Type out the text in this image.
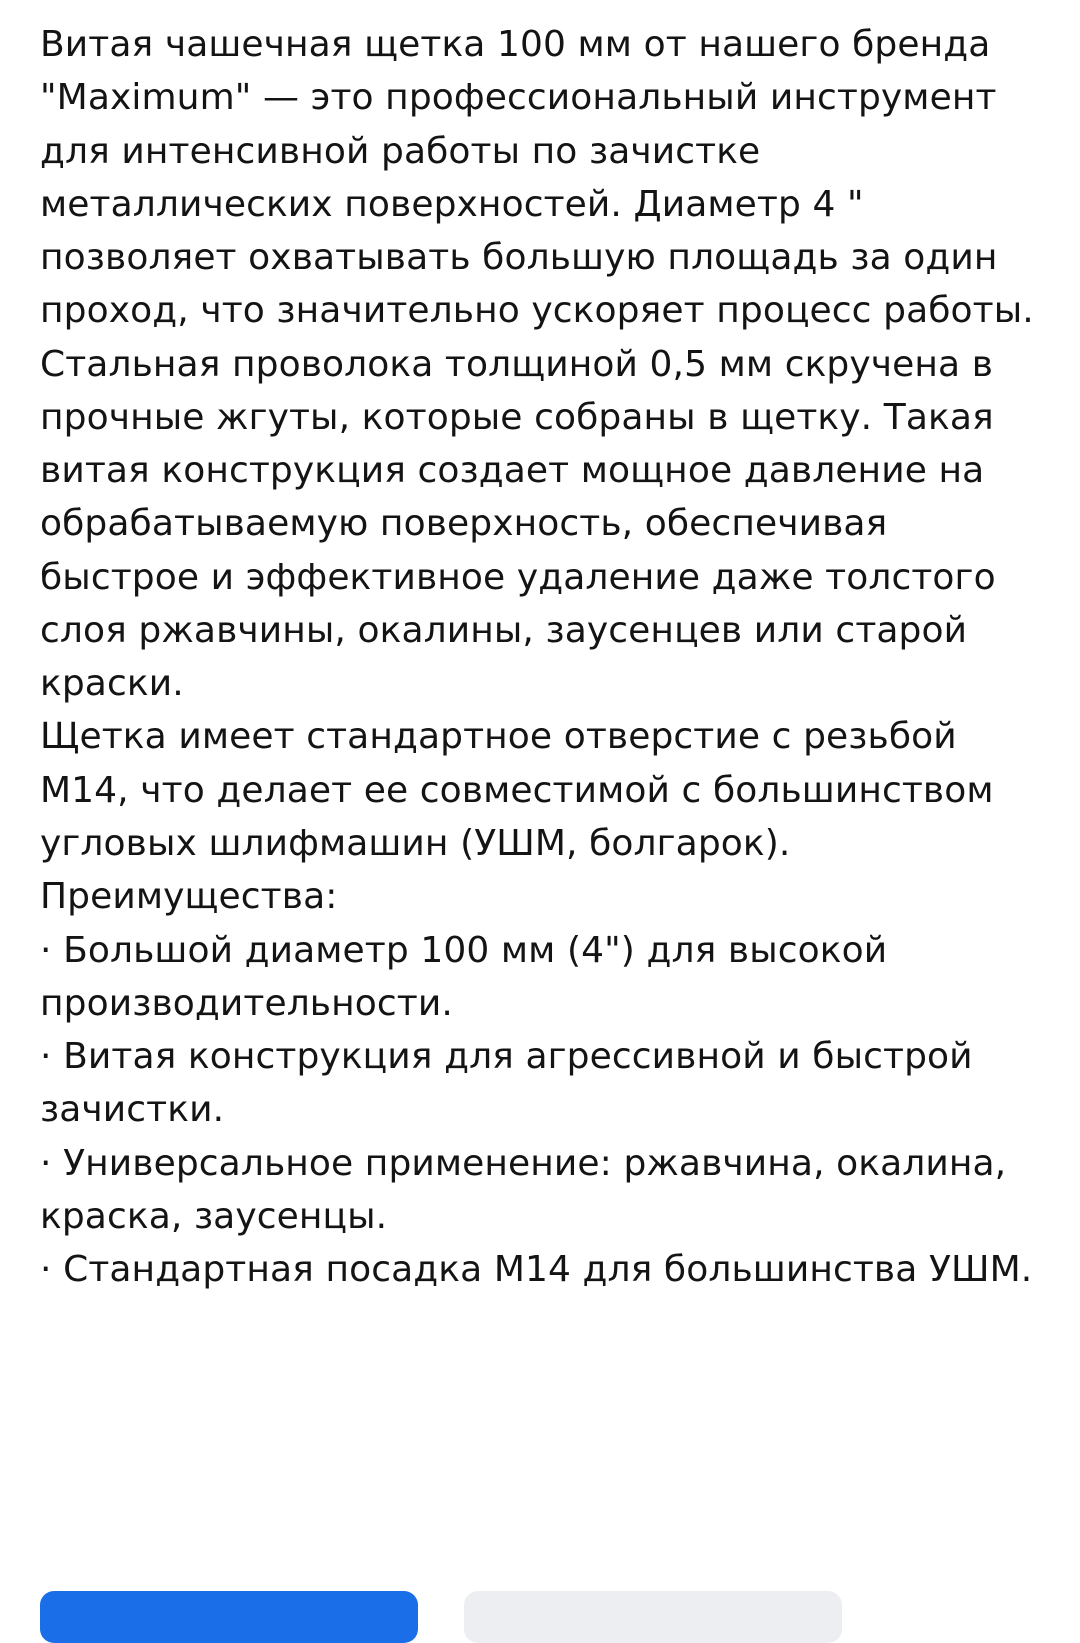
Витая чашечная щетка 100 мм от нашего бренда "Maximum" — это профессиональный инструмент для интенсивной работы по зачистке металлических поверхностей. Диаметр 4 " позволяет охватывать большую площадь за один проход, что значительно ускоряет процесс работы.

Стальная проволока толщиной 0,5 мм скручена в прочные жгуты, которые собраны в щетку. Такая витая конструкция создает мощное давление на обрабатываемую поверхность, обеспечивая быстрое и эффективное удаление даже толстого слоя ржавчины, окалины, заусенцев или старой краски.

Щетка имеет стандартное отверстие с резьбой М14, что делает ее совместимой с большинством угловых шлифмашин (УШМ, болгарок).

Преимущества:

· Большой диаметр 100 мм (4") для высокой производительности.

· Витая конструкция для агрессивной и быстрой зачистки.

· Универсальное применение: ржавчина, окалина, краска, заусенцы.

· Стандартная посадка М14 для большинства УШМ.
